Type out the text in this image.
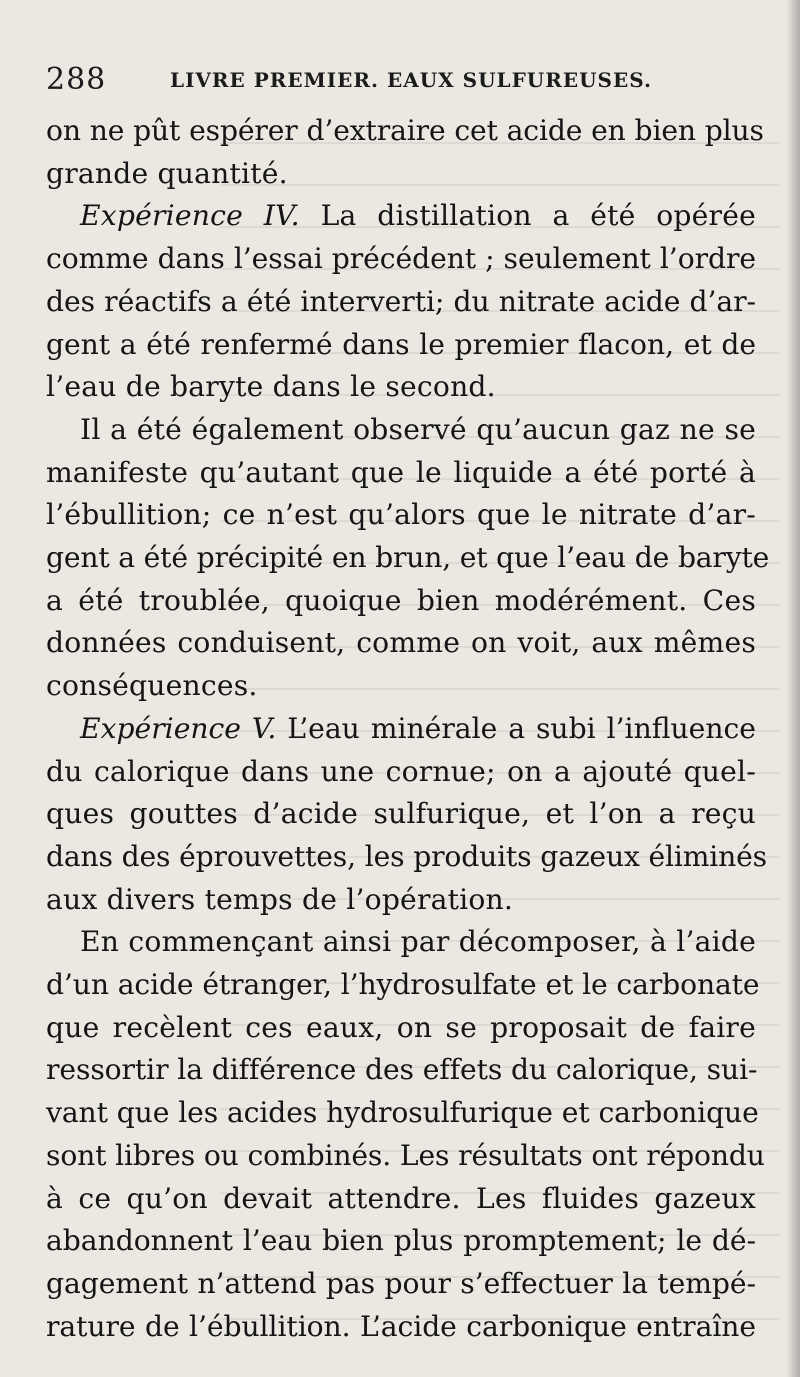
288	LIVRE PREMIER. EAUX SULFUREUSES.
on ne pût espérer d’extraire cet acide en bien plus
grande quantité.
Expérience IV. La distillation a été opérée
comme dans l’essai précédent ; seulement l’ordre
des réactifs a été interverti; du nitrate acide d’ar-
gent a été renfermé dans le premier flacon, et de
l’eau de baryte dans le second.
Il a été également observé qu’aucun gaz ne se
manifeste qu’autant que le liquide a été porté à
l’ébullition; ce n’est qu’alors que le nitrate d’ar-
gent a été précipité en brun, et que l’eau de baryte
a été troublée, quoique bien modérément. Ces
données conduisent, comme on voit, aux mêmes
conséquences.
Expérience V. L’eau minérale a subi l’influence
du calorique dans une cornue; on a ajouté quel-
ques gouttes d’acide sulfurique, et l’on a reçu
dans des éprouvettes, les produits gazeux éliminés
aux divers temps de l’opération.
En commençant ainsi par décomposer, à l’aide
d’un acide étranger, l’hydrosulfate et le carbonate
que recèlent ces eaux, on se proposait de faire
ressortir la différence des effets du calorique, sui-
vant que les acides hydrosulfurique et carbonique
sont libres ou combinés. Les résultats ont répondu
à ce qu’on devait attendre. Les fluides gazeux
abandonnent l’eau bien plus promptement; le dé-
gagement n’attend pas pour s’effectuer la tempé-
rature de l’ébullition. L’acide carbonique entraîne
